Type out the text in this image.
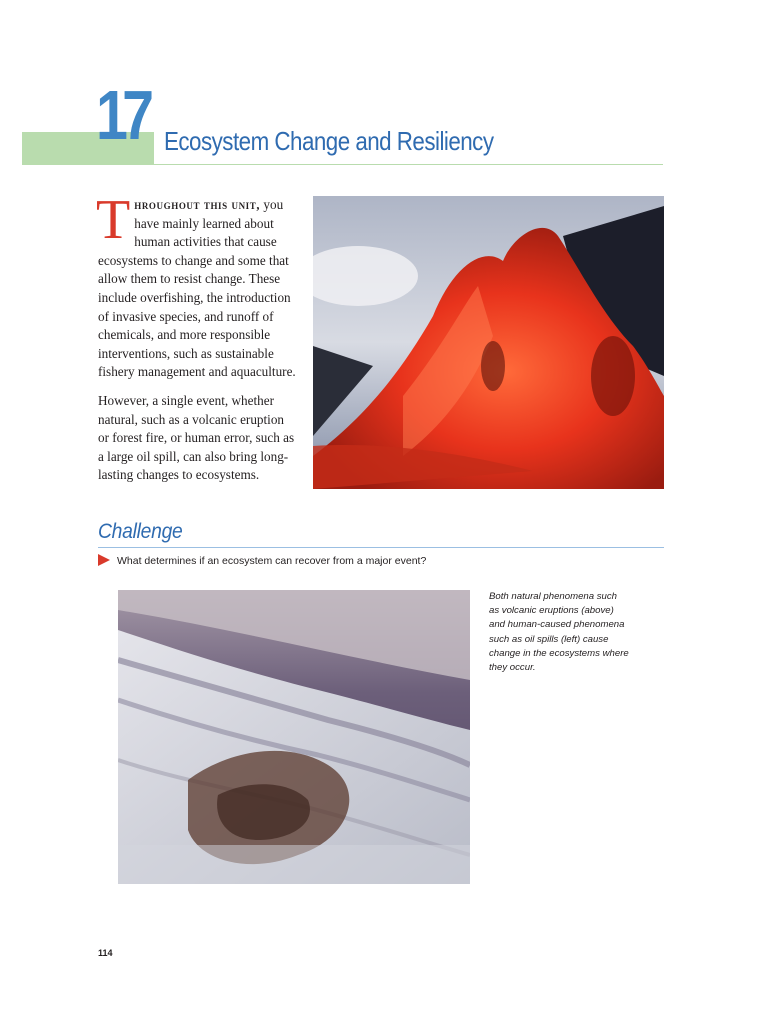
17 Ecosystem Change and Resiliency

Throughout this unit, you have mainly learned about human activities that cause ecosystems to change and some that allow them to resist change. These include overfishing, the introduction of invasive species, and runoff of chemicals, and more responsible interventions, such as sustainable fishery management and aquaculture.

However, a single event, whether natural, such as a volcanic eruption or forest fire, or human error, such as a large oil spill, can also bring long-lasting changes to ecosystems.

Challenge
What determines if an ecosystem can recover from a major event?
Both natural phenomena such as volcanic eruptions (above) and human-caused phenomena such as oil spills (left) cause change in the ecosystems where they occur.
114
